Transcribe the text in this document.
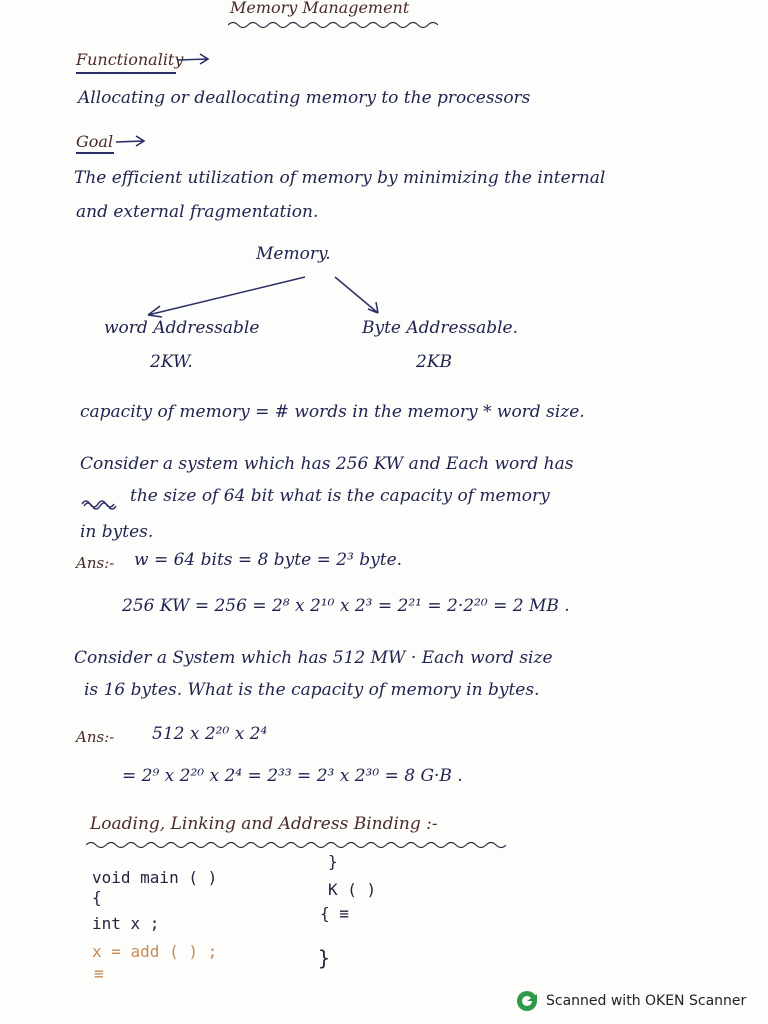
Memory Management
Functionality
Allocating or deallocating memory to the processors
Goal
The efficient utilization of memory by minimizing the internal
and external fragmentation.
Memory.
word Addressable
2KW.
Byte Addressable.
2KB
capacity of memory = # words in the memory * word size.
Consider a system which has 256 KW and Each word has
the size of 64 bit what is the capacity of memory
in bytes.
Ans:- w = 64 bits = 8 byte = 2³ byte.
256 KW = 256 = 2⁸ x 2¹⁰ x 2³ = 2²¹ = 2·2²⁰ = 2 MB .
Consider a System which has 512 MW · Each word size
is 16 bytes. What is the capacity of memory in bytes.
Ans:- 512 x 2²⁰ x 2⁴
= 2⁹ x 2²⁰ x 2⁴ = 2³³ = 2³ x 2³⁰ = 8 G·B .
Loading, Linking and Address Binding :-
void main ( )
{
int x ;
x = add ( ) ;
≡
}
K ( )
{ ≡
}
Scanned with OKEN Scanner
